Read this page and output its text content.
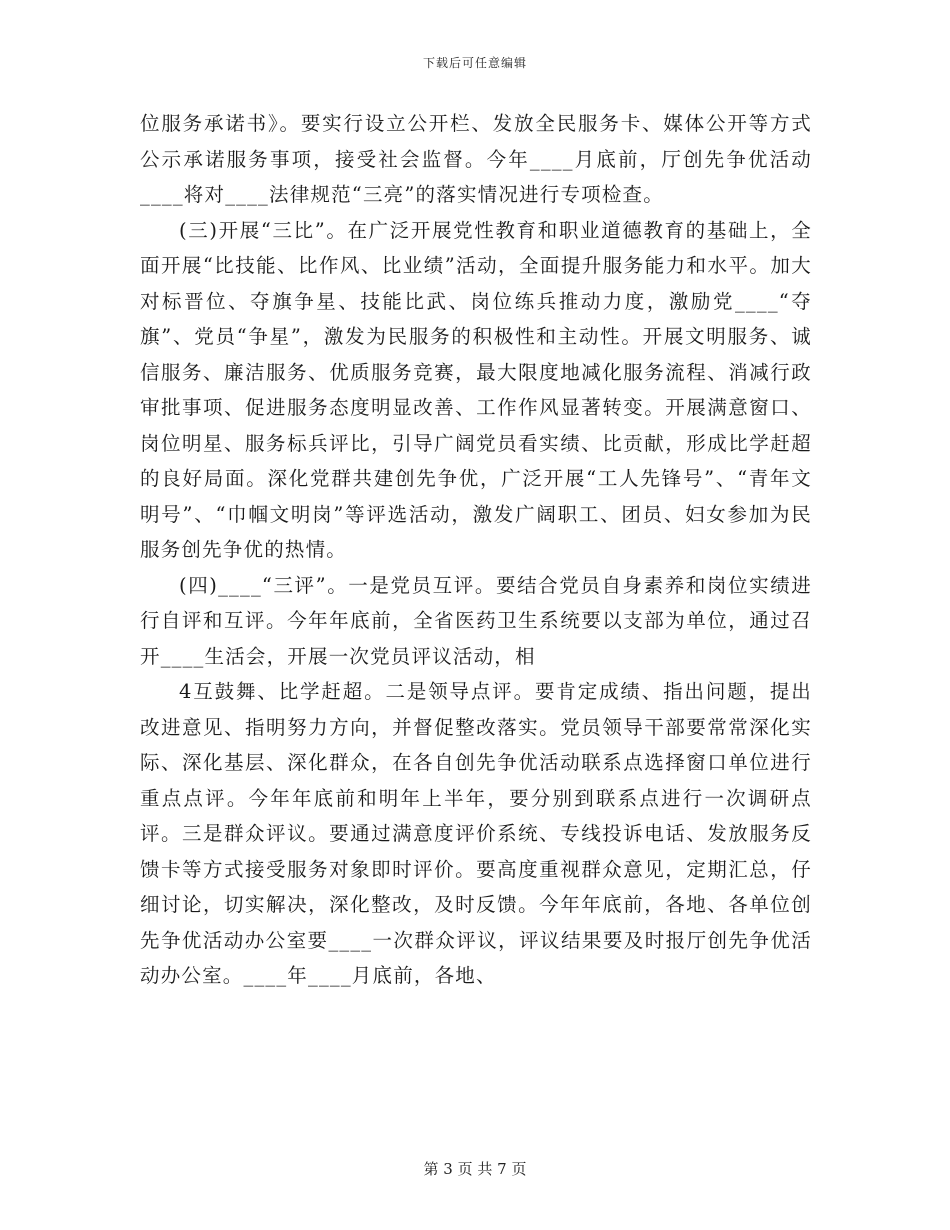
下载后可任意编辑

位服务承诺书》。要实行设立公开栏、发放全民服务卡、媒体公开等方式公示承诺服务事项，接受社会监督。今年____月底前，厅创先争优活动____将对____法律规范“三亮”的落实情况进行专项检查。

(三)开展“三比”。在广泛开展党性教育和职业道德教育的基础上，全面开展“比技能、比作风、比业绩”活动，全面提升服务能力和水平。加大对标晋位、夺旗争星、技能比武、岗位练兵推动力度，激励党____“夺旗”、党员“争星”，激发为民服务的积极性和主动性。开展文明服务、诚信服务、廉洁服务、优质服务竞赛，最大限度地减化服务流程、消减行政审批事项、促进服务态度明显改善、工作作风显著转变。开展满意窗口、岗位明星、服务标兵评比，引导广阔党员看实绩、比贡献，形成比学赶超的良好局面。深化党群共建创先争优，广泛开展“工人先锋号”、“青年文明号”、“巾帼文明岗”等评选活动，激发广阔职工、团员、妇女参加为民服务创先争优的热情。

(四)____“三评”。一是党员互评。要结合党员自身素养和岗位实绩进行自评和互评。今年年底前，全省医药卫生系统要以支部为单位，通过召开____生活会，开展一次党员评议活动，相

4互鼓舞、比学赶超。二是领导点评。要肯定成绩、指出问题，提出改进意见、指明努力方向，并督促整改落实。党员领导干部要常常深化实际、深化基层、深化群众，在各自创先争优活动联系点选择窗口单位进行重点点评。今年年底前和明年上半年，要分别到联系点进行一次调研点评。三是群众评议。要通过满意度评价系统、专线投诉电话、发放服务反馈卡等方式接受服务对象即时评价。要高度重视群众意见，定期汇总，仔细讨论，切实解决，深化整改，及时反馈。今年年底前，各地、各单位创先争优活动办公室要____一次群众评议，评议结果要及时报厅创先争优活动办公室。____年____月底前，各地、

第 3 页 共 7 页
